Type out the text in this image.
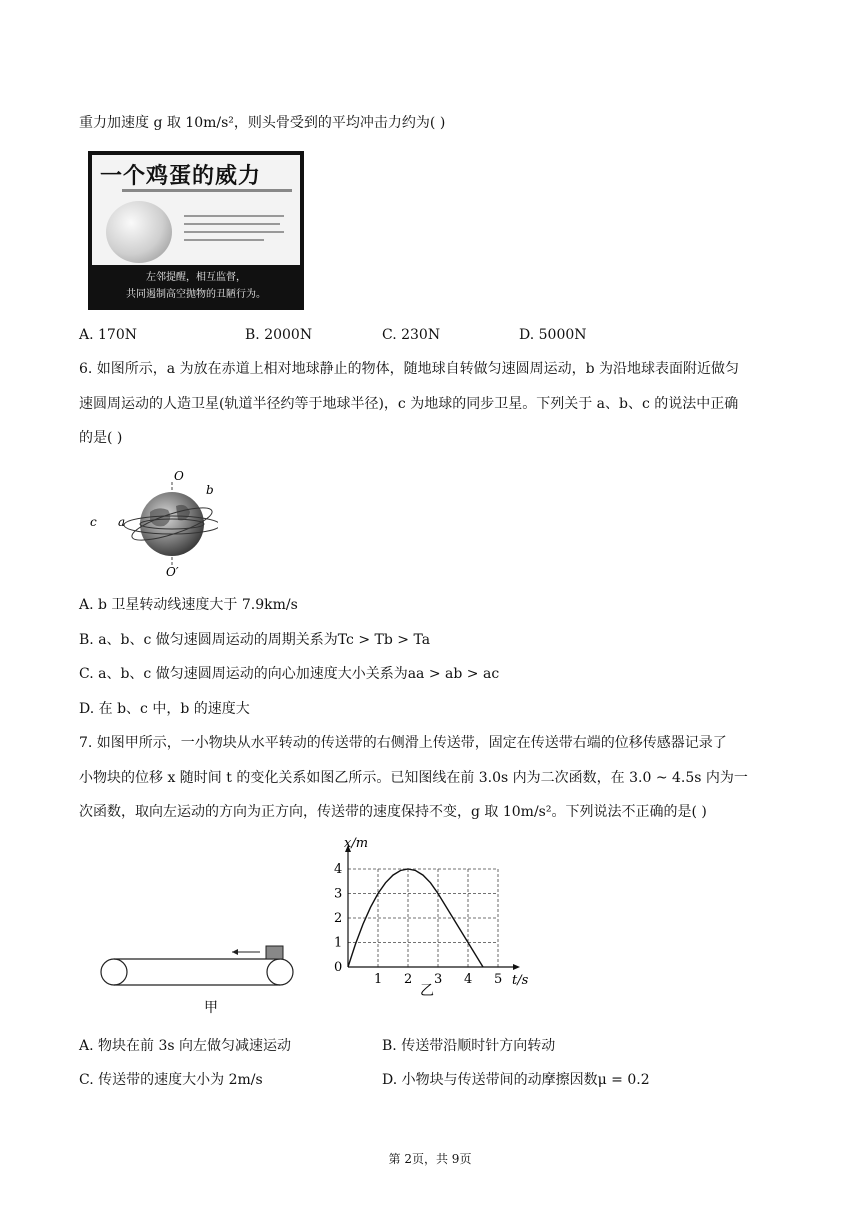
重力加速度 g 取 10m/s²，则头骨受到的平均冲击力约为( )
一个鸡蛋的威力
左邻提醒，相互监督，
共同遏制高空抛物的丑陋行为。
A. 170N	B. 2000N	C. 230N	D. 5000N
6. 如图所示，a 为放在赤道上相对地球静止的物体，随地球自转做匀速圆周运动，b 为沿地球表面附近做匀
速圆周运动的人造卫星(轨道半径约等于地球半径)，c 为地球的同步卫星。下列关于 a、b、c 的说法中正确
的是( )
O
O′
a
b
c
A. b 卫星转动线速度大于 7.9km/s
B. a、b、c 做匀速圆周运动的周期关系为Tc > Tb > Ta
C. a、b、c 做匀速圆周运动的向心加速度大小关系为aa > ab > ac
D. 在 b、c 中，b 的速度大
7. 如图甲所示，一小物块从水平转动的传送带的右侧滑上传送带，固定在传送带右端的位移传感器记录了
小物块的位移 x 随时间 t 的变化关系如图乙所示。已知图线在前 3.0s 内为二次函数，在 3.0 ~ 4.5s 内为一
次函数，取向左运动的方向为正方向，传送带的速度保持不变，g 取 10m/s²。下列说法不正确的是( )
甲
0
1 2 3 4 5
1
2
3
4
t/s
x/m
乙
A. 物块在前 3s 向左做匀减速运动	B. 传送带沿顺时针方向转动
C. 传送带的速度大小为 2m/s	D. 小物块与传送带间的动摩擦因数μ = 0.2
第 2页，共 9页
